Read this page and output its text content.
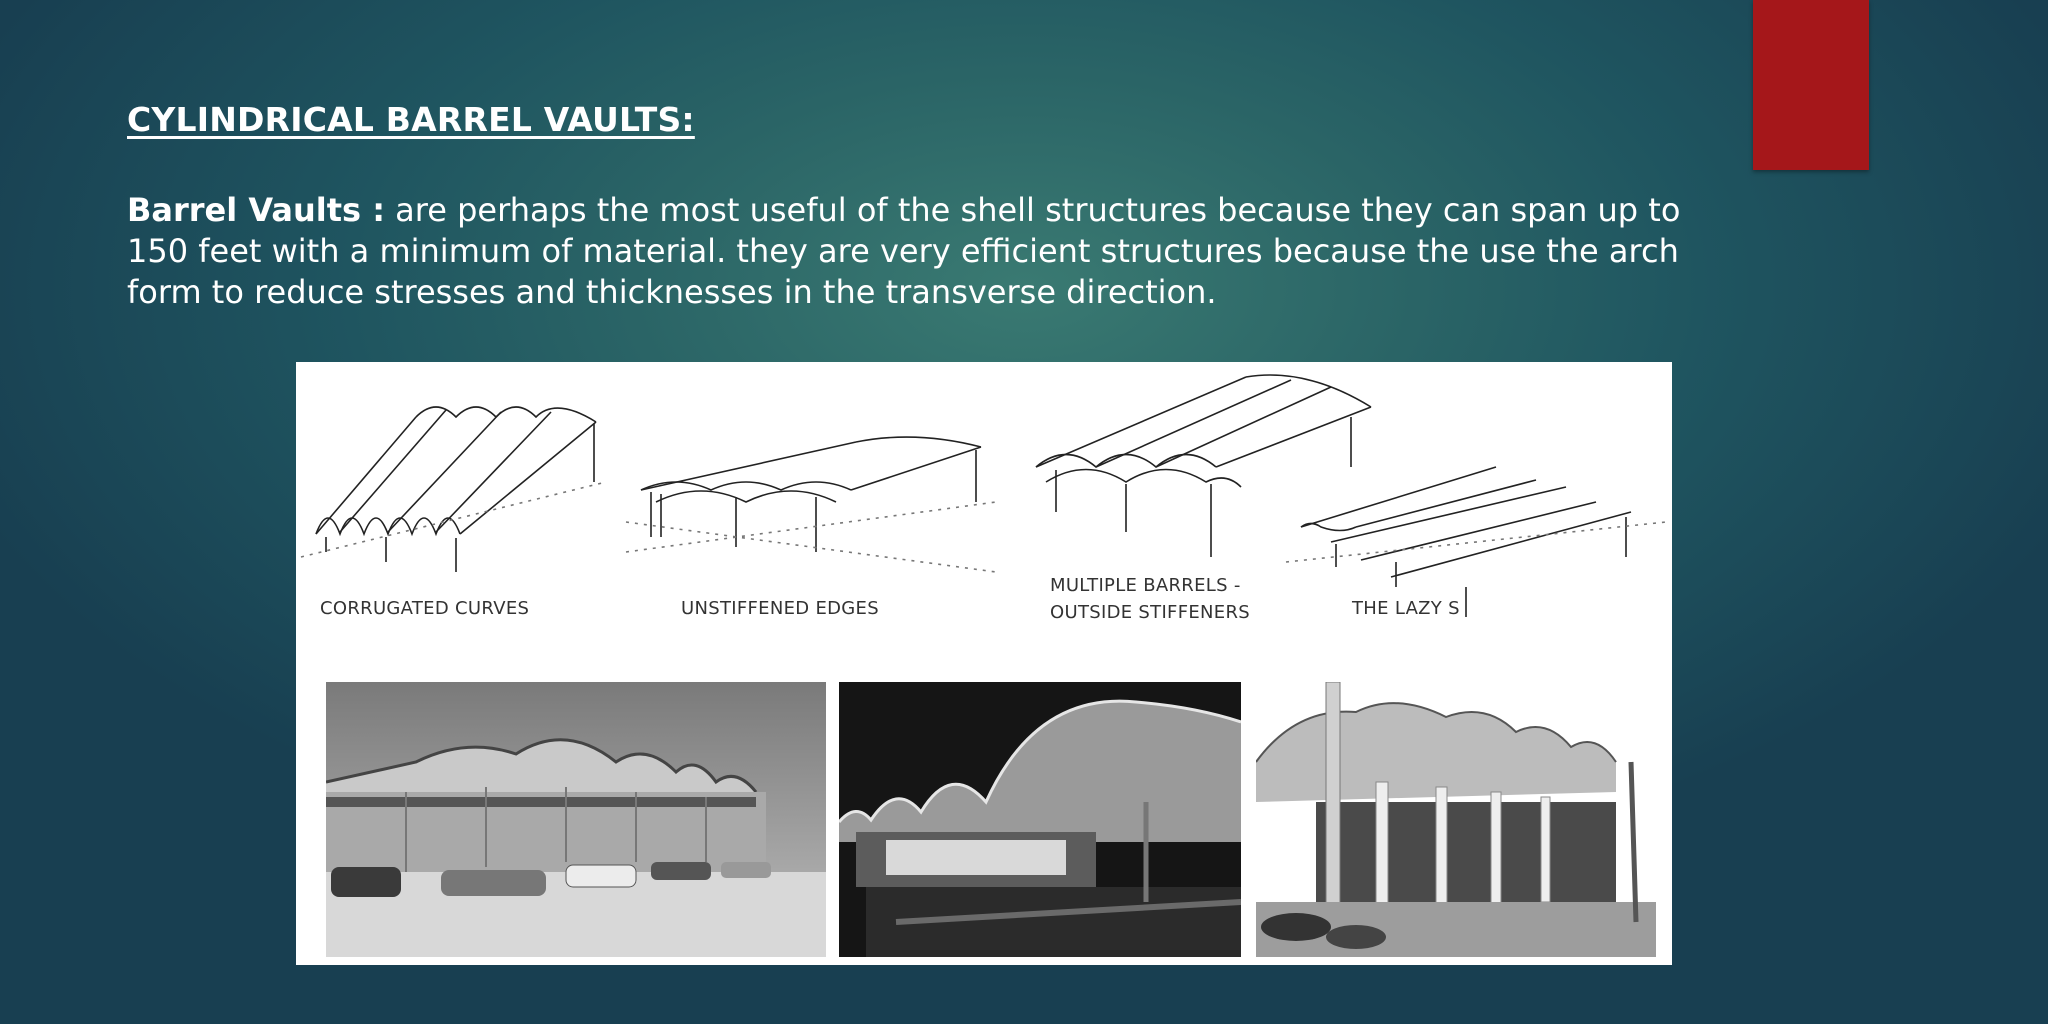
CYLINDRICAL BARREL VAULTS:
Barrel Vaults : are perhaps the most useful of the shell structures because they can span up to 150 feet with a minimum of material. they are very efficient structures because the use the arch form to reduce stresses and thicknesses in the transverse direction.
CORRUGATED CURVES	UNSTIFFENED EDGES
MULTIPLE BARRELS -
OUTSIDE STIFFENERS	THE LAZY S
